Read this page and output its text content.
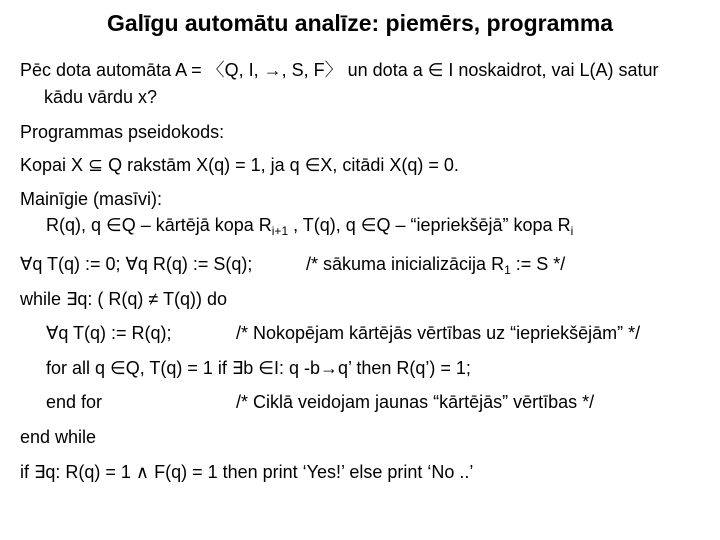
Galīgu automātu analīze: piemērs, programma
Pēc dota automāta A = 〈Q, I, →, S, F〉 un dota a ∈ I noskaidrot, vai L(A) satur
kādu vārdu x?
Programmas pseidokods:
Kopai X ⊆ Q rakstām X(q) = 1, ja q ∈X, citādi X(q) = 0.
Mainīgie (masīvi):
R(q), q ∈Q – kārtējā kopa $R_{i+1}$ , T(q), q ∈Q – “iepriekšējā” kopa $R_i$
∀q T(q) := 0; ∀q R(q) := S(q);	/* sākuma inicializācija $R_1$ := S */
while ∃q: ( R(q) ≠ T(q)) do
∀q T(q) := R(q);	/* Nokopējam kārtējās vērtības uz “iepriekšējām” */
for all q ∈Q, T(q) = 1 if ∃b ∈I: q -b→q’ then R(q’) = 1;
end for	/* Ciklā veidojam jaunas “kārtējās” vērtības */
end while
if ∃q: R(q) = 1 ∧ F(q) = 1 then print ‘Yes!’ else print ‘No ..’
